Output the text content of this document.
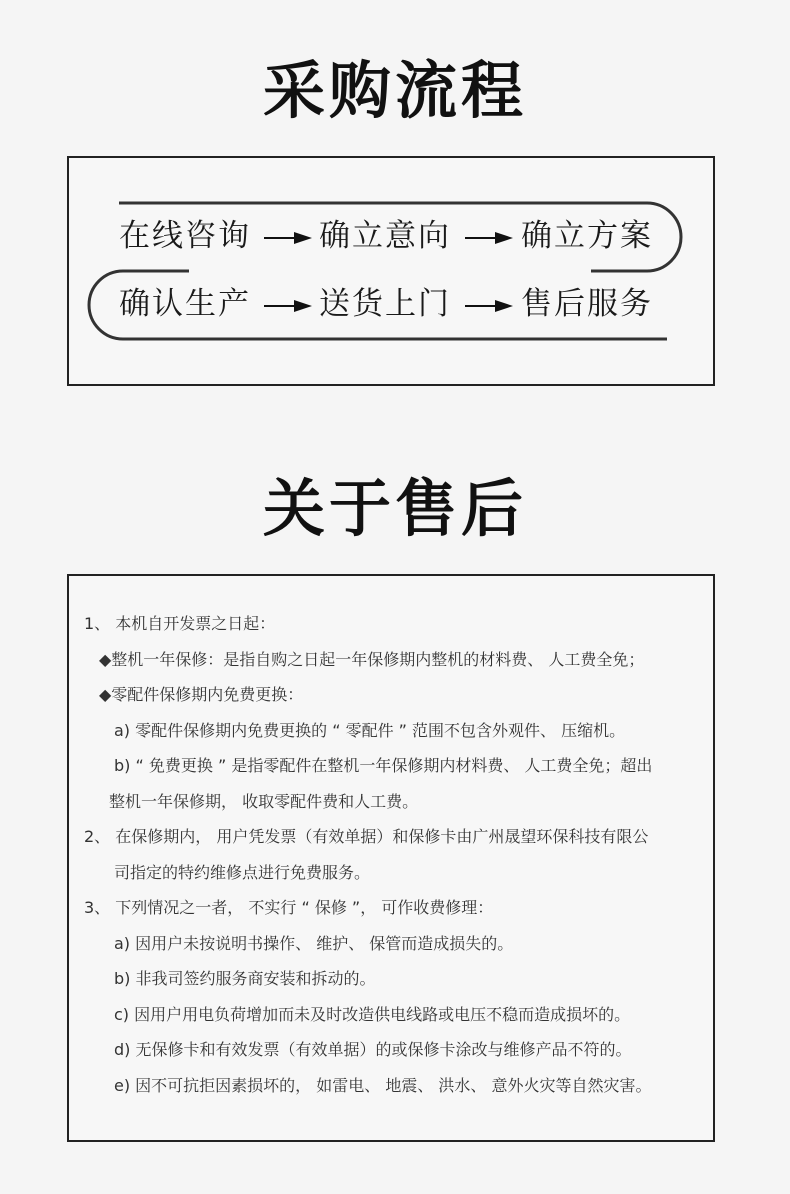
采购流程
在线咨询 确立意向 确立方案
确认生产 送货上门 售后服务
关于售后
1、 本机自开发票之日起：
◆整机一年保修：是指自购之日起一年保修期内整机的材料费、 人工费全免；
◆零配件保修期内免费更换：
a) 零配件保修期内免费更换的 “ 零配件 ” 范围不包含外观件、 压缩机。
b) “ 免费更换 ” 是指零配件在整机一年保修期内材料费、 人工费全免；超出
整机一年保修期， 收取零配件费和人工费。
2、 在保修期内， 用户凭发票（有效单据）和保修卡由广州晟望环保科技有限公
司指定的特约维修点进行免费服务。
3、 下列情况之一者， 不实行 “ 保修 ”， 可作收费修理：
a) 因用户未按说明书操作、 维护、 保管而造成损失的。
b) 非我司签约服务商安装和拆动的。
c) 因用户用电负荷增加而未及时改造供电线路或电压不稳而造成损坏的。
d) 无保修卡和有效发票（有效单据）的或保修卡涂改与维修产品不符的。
e) 因不可抗拒因素损坏的， 如雷电、 地震、 洪水、 意外火灾等自然灾害。
